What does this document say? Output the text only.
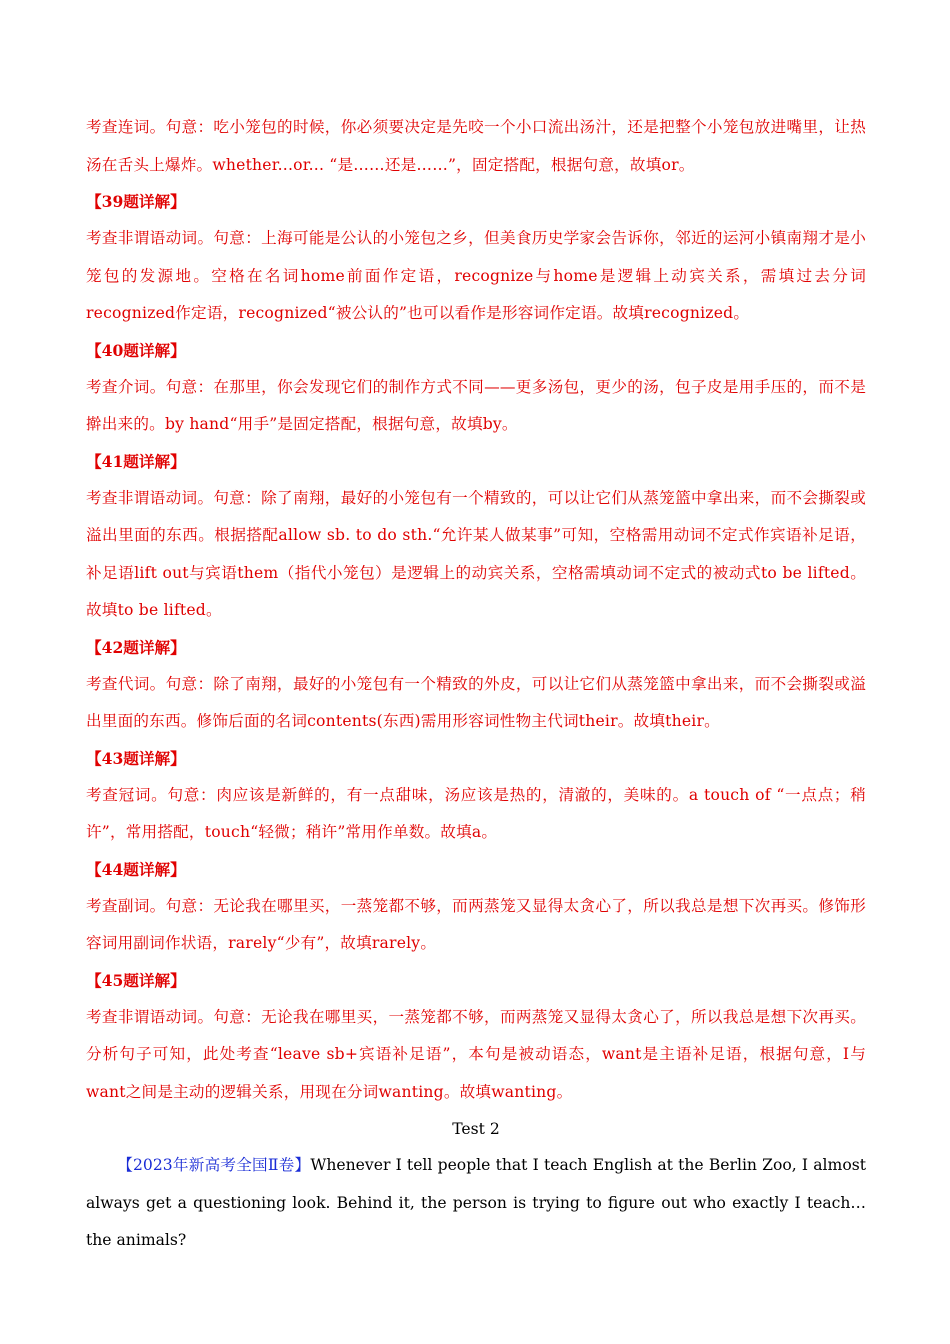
考查连词。句意：吃小笼包的时候，你必须要决定是先咬一个小口流出汤汁，还是把整个小笼包放进嘴里，让热汤在舌头上爆炸。whether...or... “是……还是……”，固定搭配，根据句意，故填or。

【39题详解】

考查非谓语动词。句意：上海可能是公认的小笼包之乡，但美食历史学家会告诉你，邻近的运河小镇南翔才是小笼包的发源地。空格在名词home前面作定语，recognize与home是逻辑上动宾关系，需填过去分词recognized作定语，recognized“被公认的”也可以看作是形容词作定语。故填recognized。

【40题详解】

考查介词。句意：在那里，你会发现它们的制作方式不同——更多汤包，更少的汤，包子皮是用手压的，而不是擀出来的。by hand“用手”是固定搭配，根据句意，故填by。

【41题详解】

考查非谓语动词。句意：除了南翔，最好的小笼包有一个精致的，可以让它们从蒸笼篮中拿出来，而不会撕裂或溢出里面的东西。根据搭配allow sb. to do sth.“允许某人做某事”可知，空格需用动词不定式作宾语补足语，补足语lift out与宾语them（指代小笼包）是逻辑上的动宾关系，空格需填动词不定式的被动式to be lifted。故填to be lifted。

【42题详解】

考查代词。句意：除了南翔，最好的小笼包有一个精致的外皮，可以让它们从蒸笼篮中拿出来，而不会撕裂或溢出里面的东西。修饰后面的名词contents(东西)需用形容词性物主代词their。故填their。

【43题详解】

考查冠词。句意：肉应该是新鲜的，有一点甜味，汤应该是热的，清澈的，美味的。a touch of “一点点；稍许”，常用搭配，touch“轻微；稍许”常用作单数。故填a。

【44题详解】

考查副词。句意：无论我在哪里买，一蒸笼都不够，而两蒸笼又显得太贪心了，所以我总是想下次再买。修饰形容词用副词作状语，rarely“少有”，故填rarely。

【45题详解】

考查非谓语动词。句意：无论我在哪里买，一蒸笼都不够，而两蒸笼又显得太贪心了，所以我总是想下次再买。分析句子可知，此处考查“leave sb+宾语补足语”，本句是被动语态，want是主语补足语，根据句意，I与want之间是主动的逻辑关系，用现在分词wanting。故填wanting。

Test 2

【2023年新高考全国Ⅱ卷】Whenever I tell people that I teach English at the Berlin Zoo, I almost always get a questioning look. Behind it, the person is trying to figure out who exactly I teach…the animals?
